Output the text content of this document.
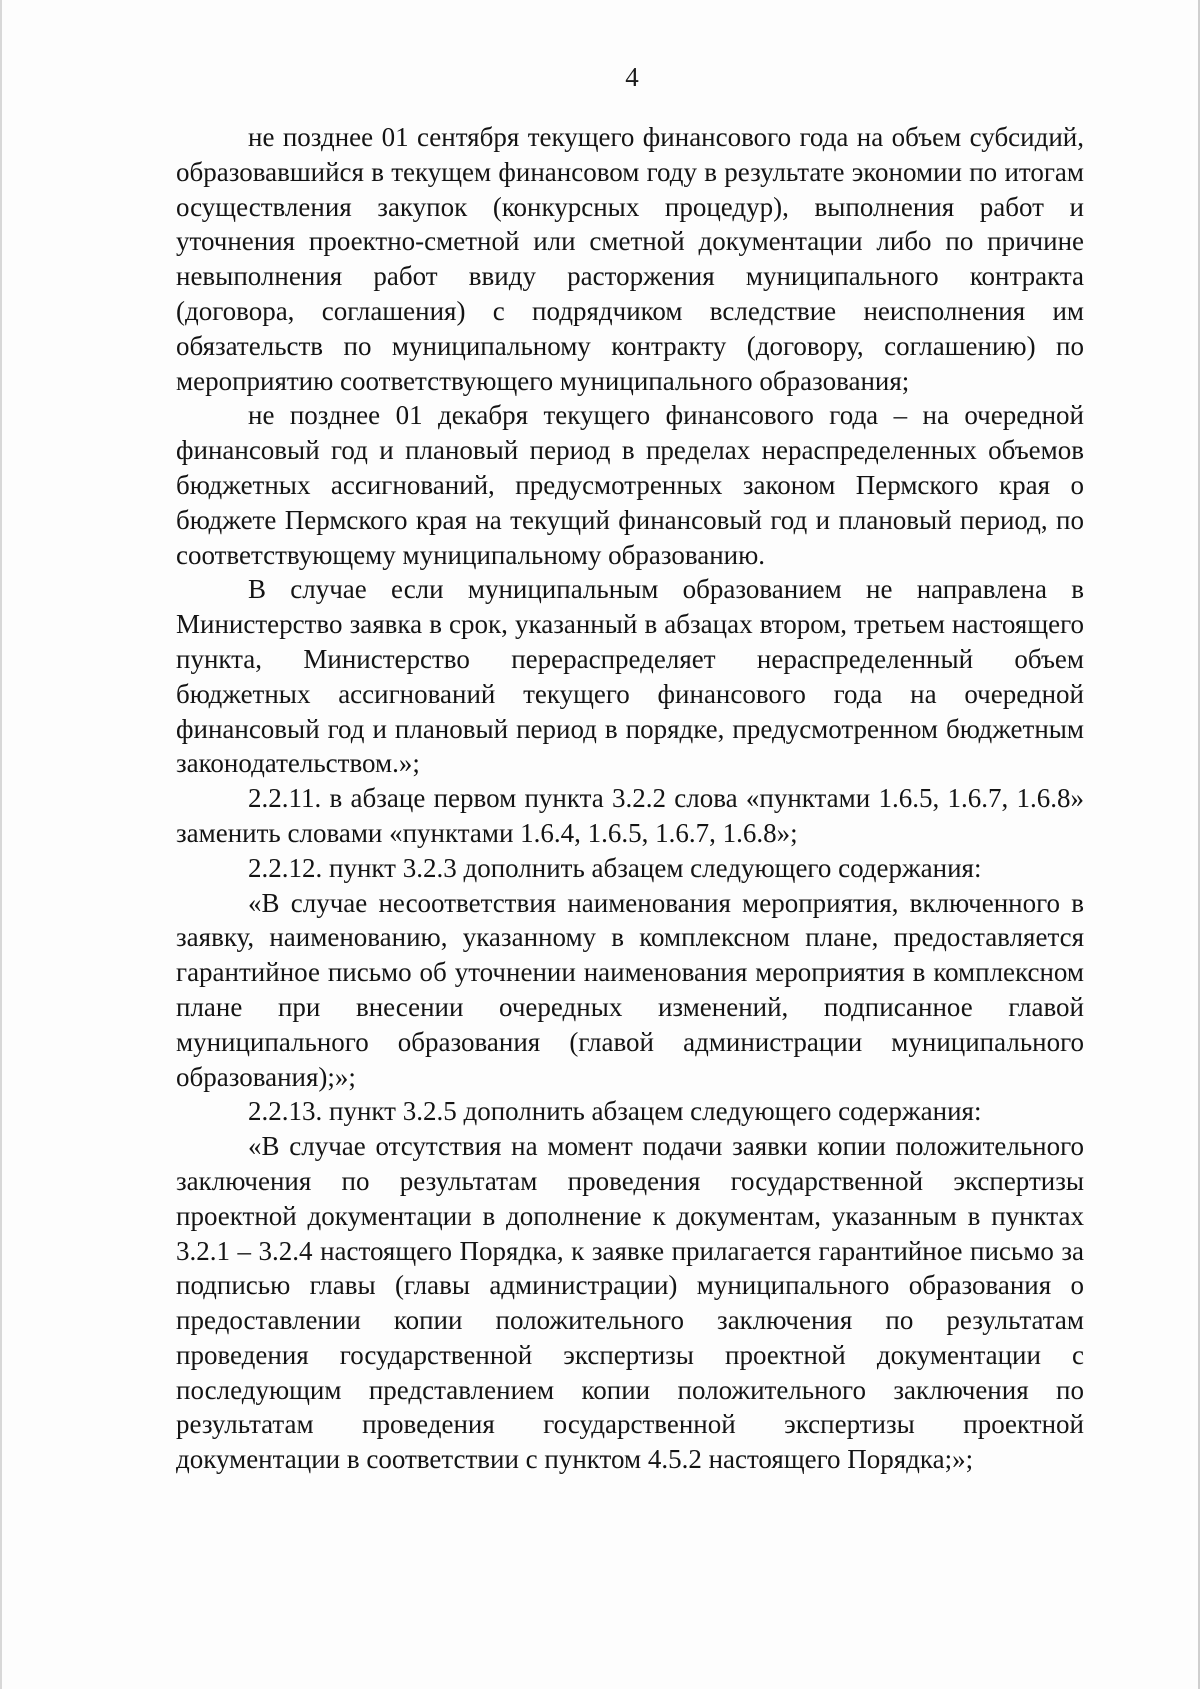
4

не позднее 01 сентября текущего финансового года на объем субсидий, образовавшийся в текущем финансовом году в результате экономии по итогам осуществления закупок (конкурсных процедур), выполнения работ и уточнения проектно-сметной или сметной документации либо по причине невыполнения работ ввиду расторжения муниципального контракта (договора, соглашения) с подрядчиком вследствие неисполнения им обязательств по муниципальному контракту (договору, соглашению) по мероприятию соответствующего муниципального образования;

не позднее 01 декабря текущего финансового года – на очередной финансовый год и плановый период в пределах нераспределенных объемов бюджетных ассигнований, предусмотренных законом Пермского края о бюджете Пермского края на текущий финансовый год и плановый период, по соответствующему муниципальному образованию.

В случае если муниципальным образованием не направлена в Министерство заявка в срок, указанный в абзацах втором, третьем настоящего пункта, Министерство перераспределяет нераспределенный объем бюджетных ассигнований текущего финансового года на очередной финансовый год и плановый период в порядке, предусмотренном бюджетным законодательством.»;

2.2.11. в абзаце первом пункта 3.2.2 слова «пунктами 1.6.5, 1.6.7, 1.6.8» заменить словами «пунктами 1.6.4, 1.6.5, 1.6.7, 1.6.8»;

2.2.12. пункт 3.2.3 дополнить абзацем следующего содержания:

«В случае несоответствия наименования мероприятия, включенного в заявку, наименованию, указанному в комплексном плане, предоставляется гарантийное письмо об уточнении наименования мероприятия в комплексном плане при внесении очередных изменений, подписанное главой муниципального образования (главой администрации муниципального образования);»;

2.2.13. пункт 3.2.5 дополнить абзацем следующего содержания:

«В случае отсутствия на момент подачи заявки копии положительного заключения по результатам проведения государственной экспертизы проектной документации в дополнение к документам, указанным в пунктах 3.2.1 – 3.2.4 настоящего Порядка, к заявке прилагается гарантийное письмо за подписью главы (главы администрации) муниципального образования о предоставлении копии положительного заключения по результатам проведения государственной экспертизы проектной документации с последующим представлением копии положительного заключения по результатам проведения государственной экспертизы проектной документации в соответствии с пунктом 4.5.2 настоящего Порядка;»;
